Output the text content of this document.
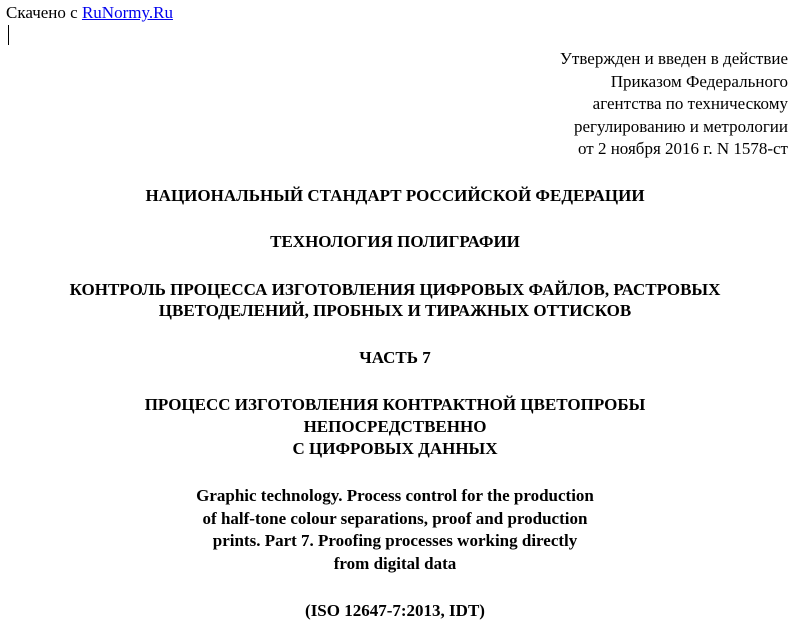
Скачено с RuNormy.Ru
Утвержден и введен в действие
Приказом Федерального
агентства по техническому
регулированию и метрологии
от 2 ноября 2016 г. N 1578-ст
НАЦИОНАЛЬНЫЙ СТАНДАРТ РОССИЙСКОЙ ФЕДЕРАЦИИ
ТЕХНОЛОГИЯ ПОЛИГРАФИИ
КОНТРОЛЬ ПРОЦЕССА ИЗГОТОВЛЕНИЯ ЦИФРОВЫХ ФАЙЛОВ, РАСТРОВЫХ
ЦВЕТОДЕЛЕНИЙ, ПРОБНЫХ И ТИРАЖНЫХ ОТТИСКОВ
ЧАСТЬ 7
ПРОЦЕСС ИЗГОТОВЛЕНИЯ КОНТРАКТНОЙ ЦВЕТОПРОБЫ
НЕПОСРЕДСТВЕННО
С ЦИФРОВЫХ ДАННЫХ
Graphic technology. Process control for the production
of half-tone colour separations, proof and production
prints. Part 7. Proofing processes working directly
from digital data
(ISO 12647-7:2013, IDT)
